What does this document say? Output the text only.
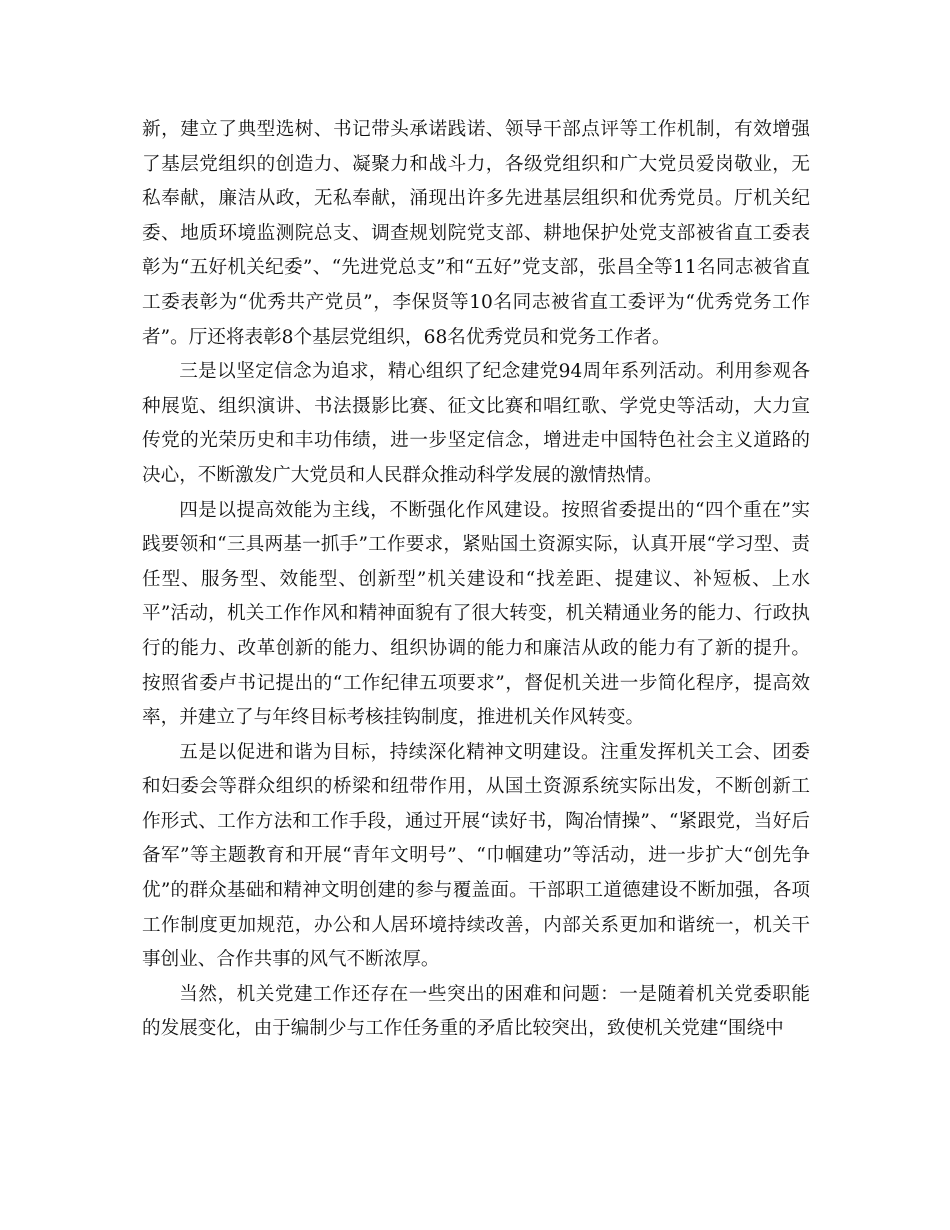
新，建立了典型选树、书记带头承诺践诺、领导干部点评等工作机制，有效增强了基层党组织的创造力、凝聚力和战斗力，各级党组织和广大党员爱岗敬业，无私奉献，廉洁从政，无私奉献，涌现出许多先进基层组织和优秀党员。厅机关纪委、地质环境监测院总支、调查规划院党支部、耕地保护处党支部被省直工委表彰为“五好机关纪委”、“先进党总支”和“五好”党支部，张昌全等11名同志被省直工委表彰为“优秀共产党员”，李保贤等10名同志被省直工委评为“优秀党务工作者”。厅还将表彰8个基层党组织，68名优秀党员和党务工作者。

三是以坚定信念为追求，精心组织了纪念建党94周年系列活动。利用参观各种展览、组织演讲、书法摄影比赛、征文比赛和唱红歌、学党史等活动，大力宣传党的光荣历史和丰功伟绩，进一步坚定信念，增进走中国特色社会主义道路的决心，不断激发广大党员和人民群众推动科学发展的激情热情。

四是以提高效能为主线，不断强化作风建设。按照省委提出的“四个重在”实践要领和“三具两基一抓手”工作要求，紧贴国土资源实际，认真开展“学习型、责任型、服务型、效能型、创新型”机关建设和“找差距、提建议、补短板、上水平”活动，机关工作作风和精神面貌有了很大转变，机关精通业务的能力、行政执行的能力、改革创新的能力、组织协调的能力和廉洁从政的能力有了新的提升。按照省委卢书记提出的“工作纪律五项要求”，督促机关进一步简化程序，提高效率，并建立了与年终目标考核挂钩制度，推进机关作风转变。

五是以促进和谐为目标，持续深化精神文明建设。注重发挥机关工会、团委和妇委会等群众组织的桥梁和纽带作用，从国土资源系统实际出发，不断创新工作形式、工作方法和工作手段，通过开展“读好书，陶冶情操”、“紧跟党，当好后备军”等主题教育和开展“青年文明号”、“巾帼建功”等活动，进一步扩大“创先争优”的群众基础和精神文明创建的参与覆盖面。干部职工道德建设不断加强，各项工作制度更加规范，办公和人居环境持续改善，内部关系更加和谐统一，机关干事创业、合作共事的风气不断浓厚。

当然，机关党建工作还存在一些突出的困难和问题：一是随着机关党委职能的发展变化，由于编制少与工作任务重的矛盾比较突出，致使机关党建“围绕中
